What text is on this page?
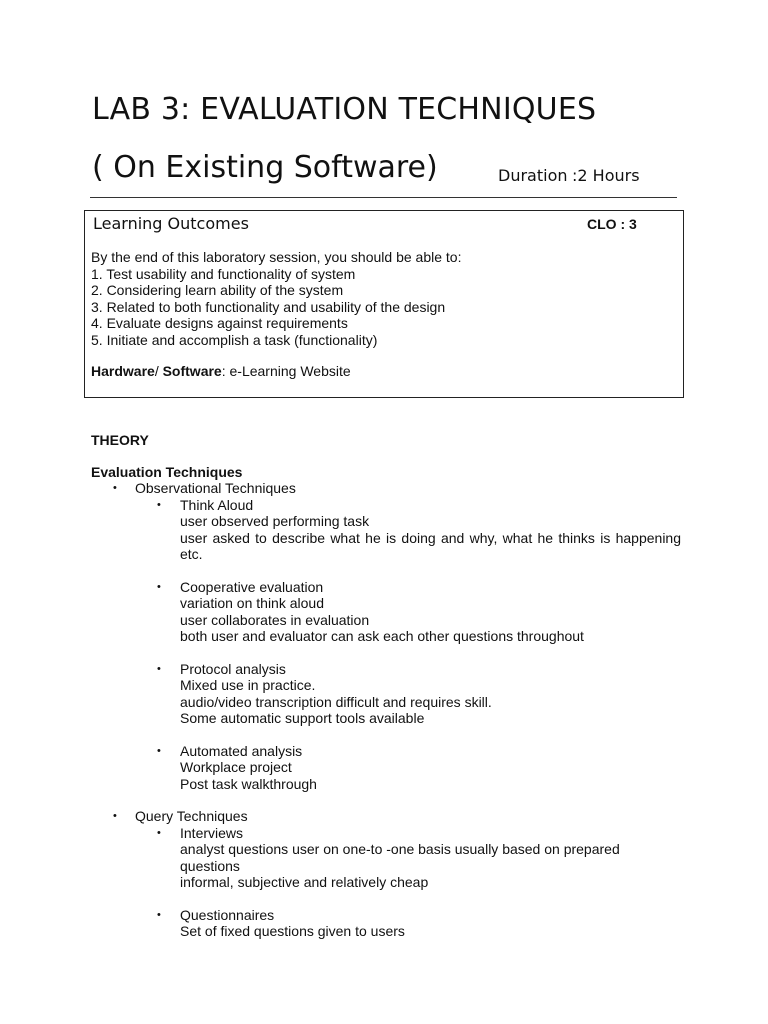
LAB 3: EVALUATION TECHNIQUES
( On Existing Software)	Duration :2 Hours
Learning Outcomes	CLO : 3
By the end of this laboratory session, you should be able to:
1. Test usability and functionality of system
2. Considering learn ability of the system
3. Related to both functionality and usability of the design
4. Evaluate designs against requirements
5. Initiate and accomplish a task (functionality)
Hardware/ Software: e-Learning Website
THEORY
Evaluation Techniques
• Observational Techniques
• Think Aloud
user observed performing task
user asked to describe what he is doing and why, what he thinks is happening etc.
• Cooperative evaluation
variation on think aloud
user collaborates in evaluation
both user and evaluator can ask each other questions throughout
• Protocol analysis
Mixed use in practice.
audio/video transcription difficult and requires skill.
Some automatic support tools available
• Automated analysis
Workplace project
Post task walkthrough
• Query Techniques
• Interviews
analyst questions user on one-to -one basis usually based on prepared questions
informal, subjective and relatively cheap
• Questionnaires
Set of fixed questions given to users
